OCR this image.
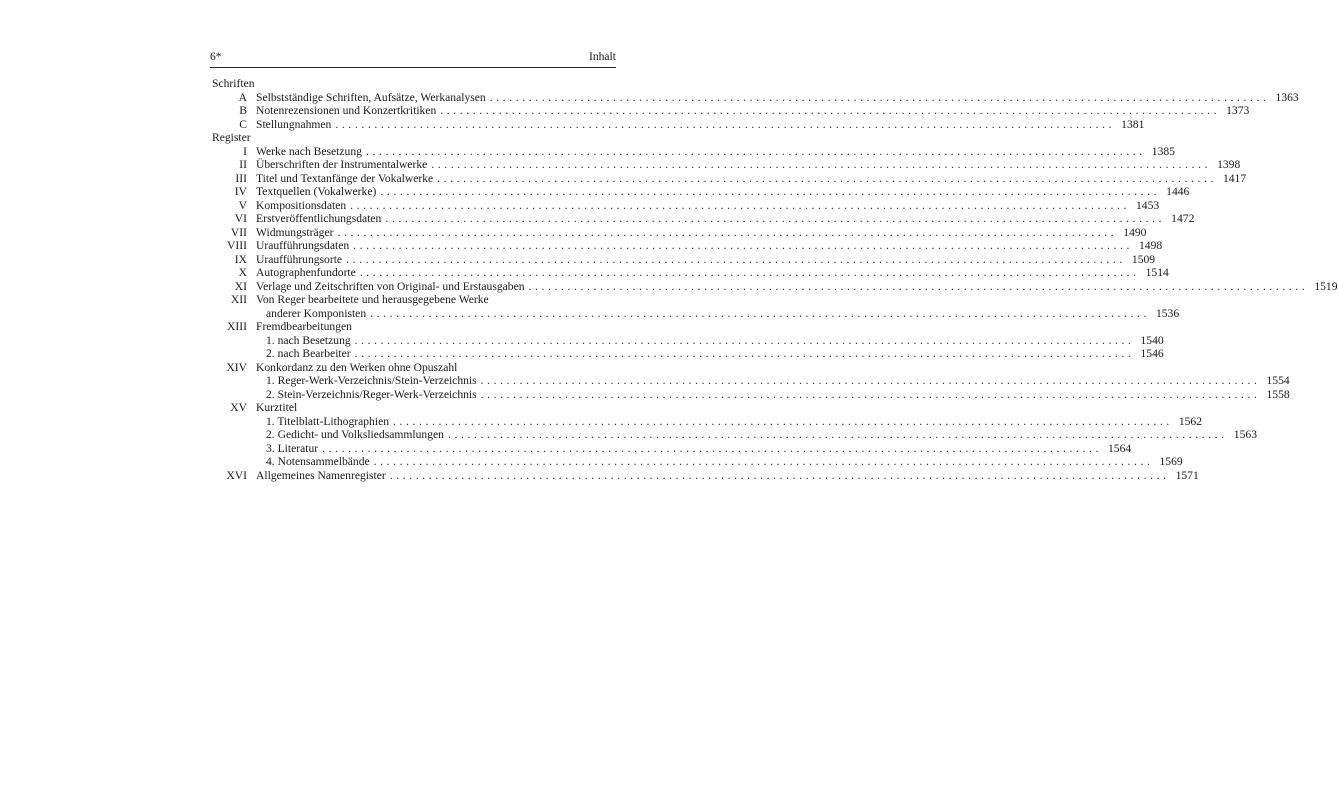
6*	Inhalt
Schriften
A Selbstständige Schriften, Aufsätze, Werkanalysen ........................................................................................................................ 1363
B Notenrezensionen und Konzertkritiken ........................................................................................................................ 1373
C Stellungnahmen ........................................................................................................................ 1381
Register
I Werke nach Besetzung ........................................................................................................................ 1385
II Überschriften der Instrumentalwerke ........................................................................................................................ 1398
III Titel und Textanfänge der Vokalwerke ........................................................................................................................ 1417
IV Textquellen (Vokalwerke) ........................................................................................................................ 1446
V Kompositionsdaten ........................................................................................................................ 1453
VI Erstveröffentlichungsdaten ........................................................................................................................ 1472
VII Widmungsträger ........................................................................................................................ 1490
VIII Uraufführungsdaten ........................................................................................................................ 1498
IX Uraufführungsorte ........................................................................................................................ 1509
X Autographenfundorte ........................................................................................................................ 1514
XI Verlage und Zeitschriften von Original- und Erstausgaben ........................................................................................................................ 1519
XII Von Reger bearbeitete und herausgegebene Werke
anderer Komponisten ........................................................................................................................ 1536
XIII Fremdbearbeitungen
1. nach Besetzung ........................................................................................................................ 1540
2. nach Bearbeiter ........................................................................................................................ 1546
XIV Konkordanz zu den Werken ohne Opuszahl
1. Reger-Werk-Verzeichnis/Stein-Verzeichnis ........................................................................................................................ 1554
2. Stein-Verzeichnis/Reger-Werk-Verzeichnis ........................................................................................................................ 1558
XV Kurztitel
1. Titelblatt-Lithographien ........................................................................................................................ 1562
2. Gedicht- und Volksliedsammlungen ........................................................................................................................ 1563
3. Literatur ........................................................................................................................ 1564
4. Notensammelbände ........................................................................................................................ 1569
XVI Allgemeines Namenregister ........................................................................................................................ 1571
